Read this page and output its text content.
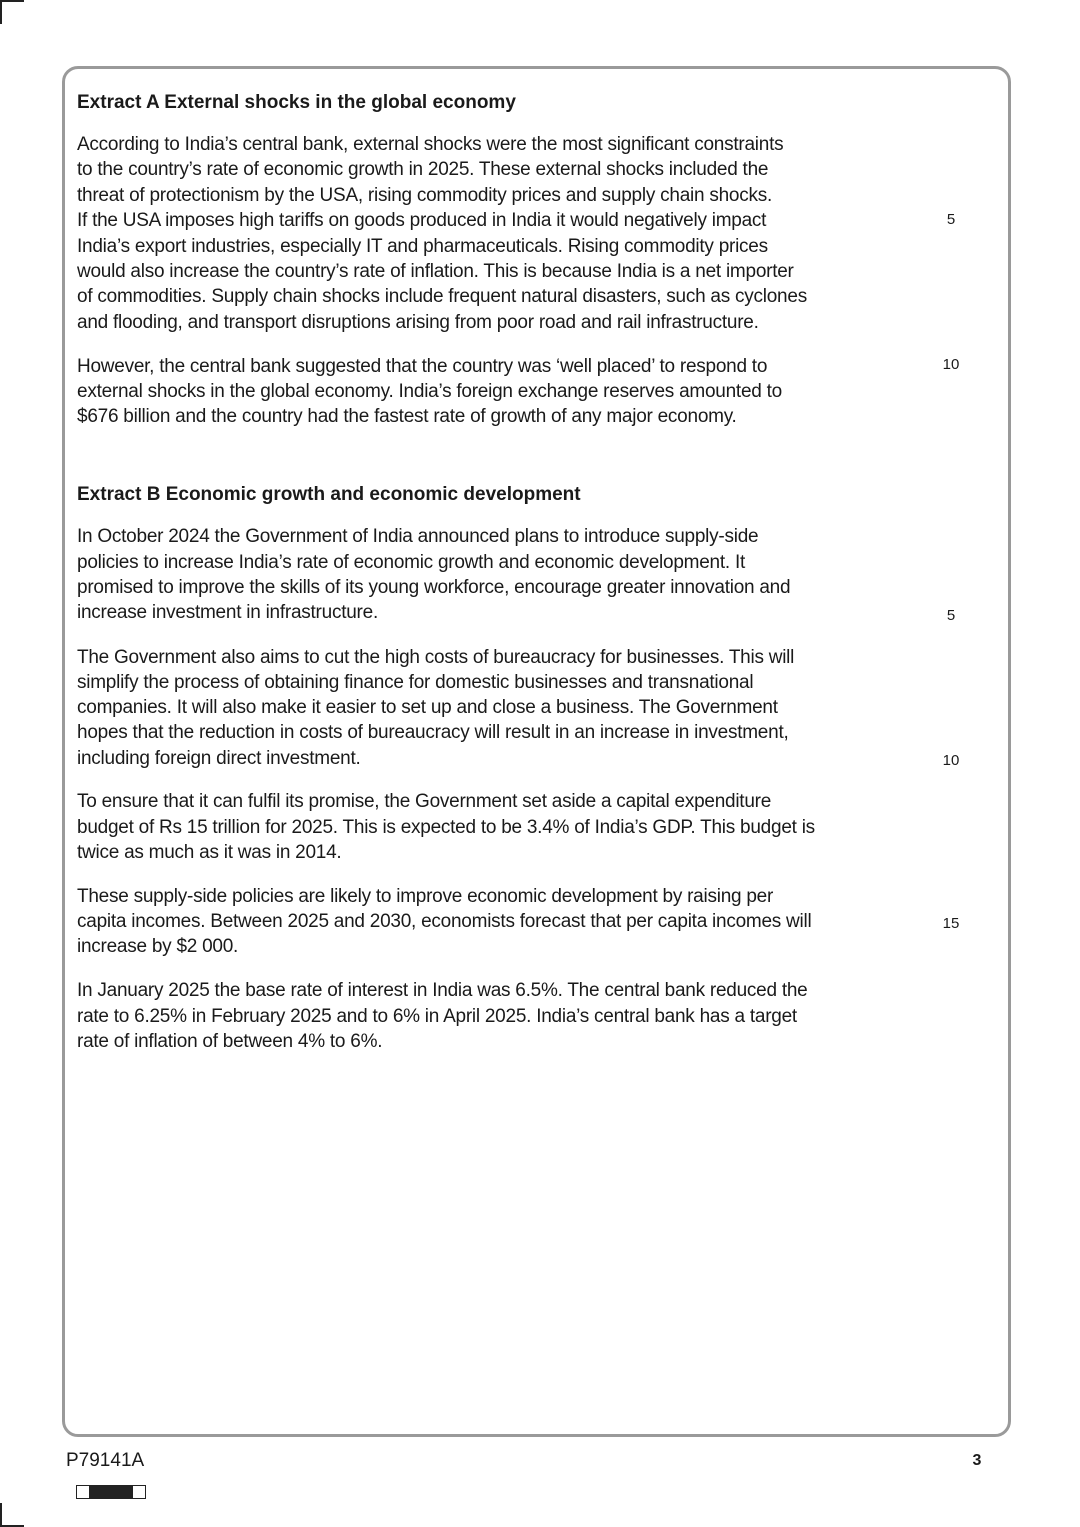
Extract A External shocks in the global economy
According to India’s central bank, external shocks were the most significant constraints
to the country’s rate of economic growth in 2025. These external shocks included the
threat of protectionism by the USA, rising commodity prices and supply chain shocks.
If the USA imposes high tariffs on goods produced in India it would negatively impact
India’s export industries, especially IT and pharmaceuticals. Rising commodity prices
would also increase the country’s rate of inflation. This is because India is a net importer
of commodities. Supply chain shocks include frequent natural disasters, such as cyclones
and flooding, and transport disruptions arising from poor road and rail infrastructure.
However, the central bank suggested that the country was ‘well placed’ to respond to
external shocks in the global economy. India’s foreign exchange reserves amounted to
$676 billion and the country had the fastest rate of growth of any major economy.
5
10
Extract B Economic growth and economic development
In October 2024 the Government of India announced plans to introduce supply-side
policies to increase India’s rate of economic growth and economic development. It
promised to improve the skills of its young workforce, encourage greater innovation and
increase investment in infrastructure.
The Government also aims to cut the high costs of bureaucracy for businesses. This will
simplify the process of obtaining finance for domestic businesses and transnational
companies. It will also make it easier to set up and close a business. The Government
hopes that the reduction in costs of bureaucracy will result in an increase in investment,
including foreign direct investment.
To ensure that it can fulfil its promise, the Government set aside a capital expenditure
budget of Rs 15 trillion for 2025. This is expected to be 3.4% of India’s GDP. This budget is
twice as much as it was in 2014.
These supply-side policies are likely to improve economic development by raising per
capita incomes. Between 2025 and 2030, economists forecast that per capita incomes will
increase by $2 000.
In January 2025 the base rate of interest in India was 6.5%. The central bank reduced the
rate to 6.25% in February 2025 and to 6% in April 2025. India’s central bank has a target
rate of inflation of between 4% to 6%.
5
10
15
P79141A	3
